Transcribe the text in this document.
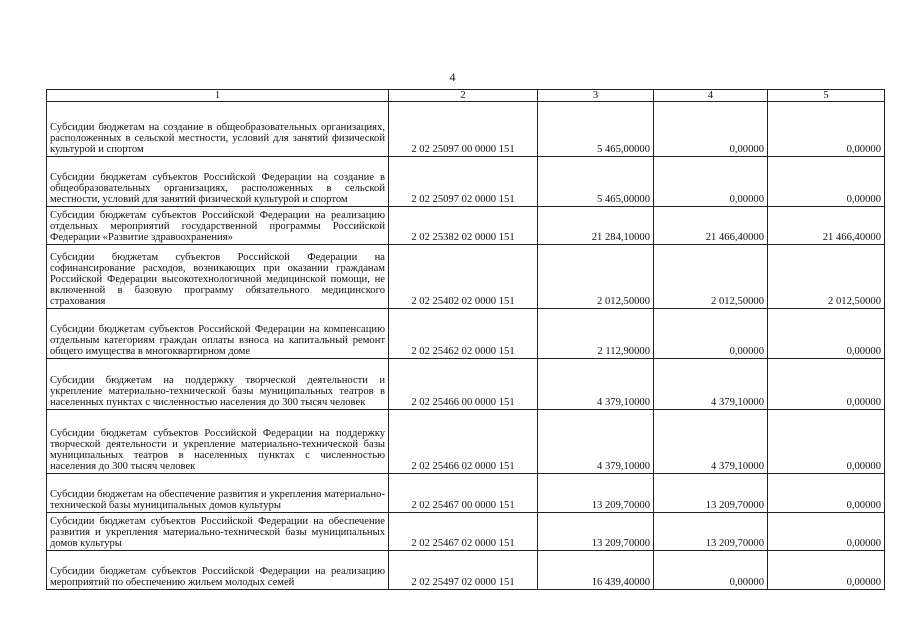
4
1	2	3	4	5
Субсидии бюджетам на создание в общеобразовательных организациях, расположенных в сельской местности, условий для занятий физической культурой и спортом	2 02 25097 00 0000 151	5 465,00000	0,00000	0,00000
Субсидии бюджетам субъектов Российской Федерации на создание в общеобразовательных организациях, расположенных в сельской местности, условий для занятий физической культурой и спортом	2 02 25097 02 0000 151	5 465,00000	0,00000	0,00000
Субсидии бюджетам субъектов Российской Федерации на реализацию отдельных мероприятий государственной программы Российской Федерации «Развитие здравоохранения»	2 02 25382 02 0000 151	21 284,10000	21 466,40000	21 466,40000
Субсидии бюджетам субъектов Российской Федерации на софинансирование расходов, возникающих при оказании гражданам Российской Федерации высокотехнологичной медицинской помощи, не включенной в базовую программу обязательного медицинского страхования	2 02 25402 02 0000 151	2 012,50000	2 012,50000	2 012,50000
Субсидии бюджетам субъектов Российской Федерации на компенсацию отдельным категориям граждан оплаты взноса на капитальный ремонт общего имущества в многоквартирном доме	2 02 25462 02 0000 151	2 112,90000	0,00000	0,00000
Субсидии бюджетам на поддержку творческой деятельности и укрепление материально-технической базы муниципальных театров в населенных пунктах с численностью населения до 300 тысяч человек	2 02 25466 00 0000 151	4 379,10000	4 379,10000	0,00000
Субсидии бюджетам субъектов Российской Федерации на поддержку творческой деятельности и укрепление материально-технической базы муниципальных театров в населенных пунктах с численностью населения до 300 тысяч человек	2 02 25466 02 0000 151	4 379,10000	4 379,10000	0,00000
Субсидии бюджетам на обеспечение развития и укрепления материально-технической базы муниципальных домов культуры	2 02 25467 00 0000 151	13 209,70000	13 209,70000	0,00000
Субсидии бюджетам субъектов Российской Федерации на обеспечение развития и укрепления материально-технической базы муниципальных домов культуры	2 02 25467 02 0000 151	13 209,70000	13 209,70000	0,00000
Субсидии бюджетам субъектов Российской Федерации на реализацию мероприятий по обеспечению жильем молодых семей	2 02 25497 02 0000 151	16 439,40000	0,00000	0,00000
